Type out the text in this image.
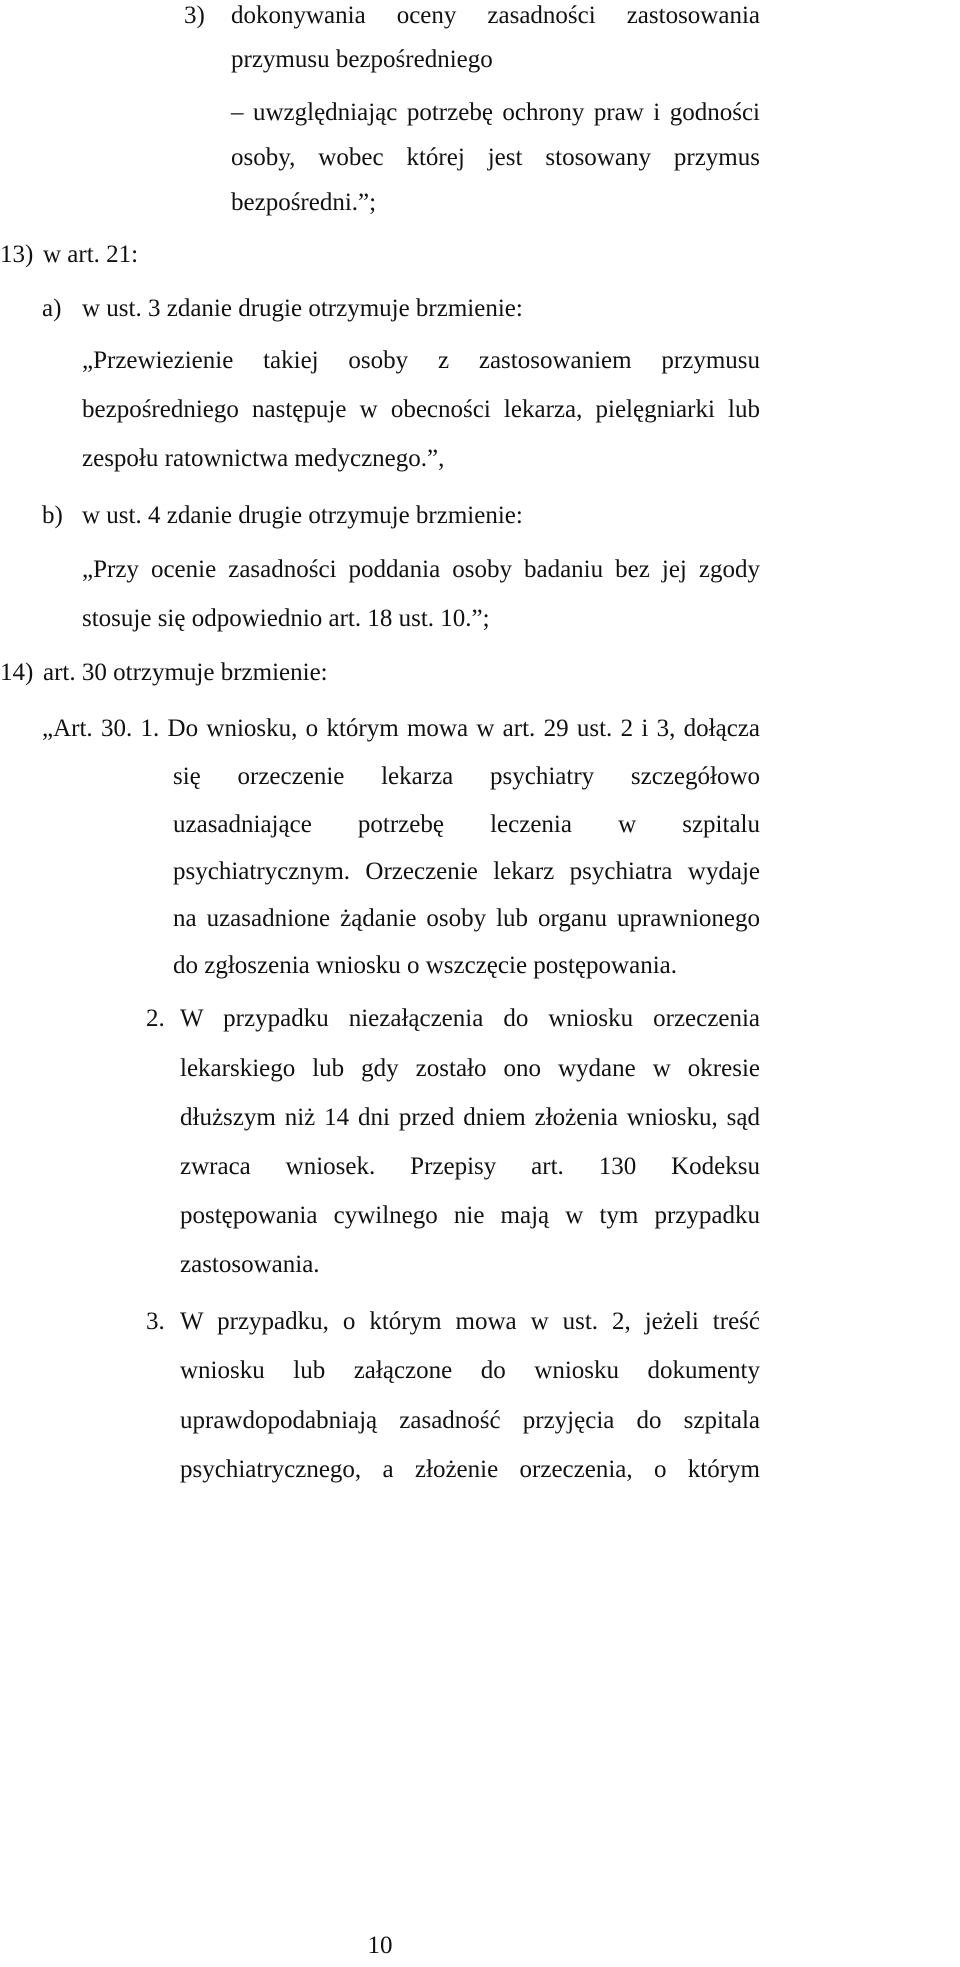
3) dokonywania oceny zasadności zastosowania
przymusu bezpośredniego
– uwzględniając potrzebę ochrony praw i godności
osoby, wobec której jest stosowany przymus
bezpośredni.”;
13) w art. 21:
a) w ust. 3 zdanie drugie otrzymuje brzmienie:
„Przewiezienie takiej osoby z zastosowaniem przymusu
bezpośredniego następuje w obecności lekarza, pielęgniarki lub
zespołu ratownictwa medycznego.”,
b) w ust. 4 zdanie drugie otrzymuje brzmienie:
„Przy ocenie zasadności poddania osoby badaniu bez jej zgody
stosuje się odpowiednio art. 18 ust. 10.”;
14) art. 30 otrzymuje brzmienie:
„Art. 30. 1. Do wniosku, o którym mowa w art. 29 ust. 2 i 3, dołącza
się orzeczenie lekarza psychiatry szczegółowo
uzasadniające potrzebę leczenia w szpitalu
psychiatrycznym. Orzeczenie lekarz psychiatra wydaje
na uzasadnione żądanie osoby lub organu uprawnionego
do zgłoszenia wniosku o wszczęcie postępowania.
2. W przypadku niezałączenia do wniosku orzeczenia
lekarskiego lub gdy zostało ono wydane w okresie
dłuższym niż 14 dni przed dniem złożenia wniosku, sąd
zwraca wniosek. Przepisy art. 130 Kodeksu
postępowania cywilnego nie mają w tym przypadku
zastosowania.
3. W przypadku, o którym mowa w ust. 2, jeżeli treść
wniosku lub załączone do wniosku dokumenty
uprawdopodabniają zasadność przyjęcia do szpitala
psychiatrycznego, a złożenie orzeczenia, o którym
10
